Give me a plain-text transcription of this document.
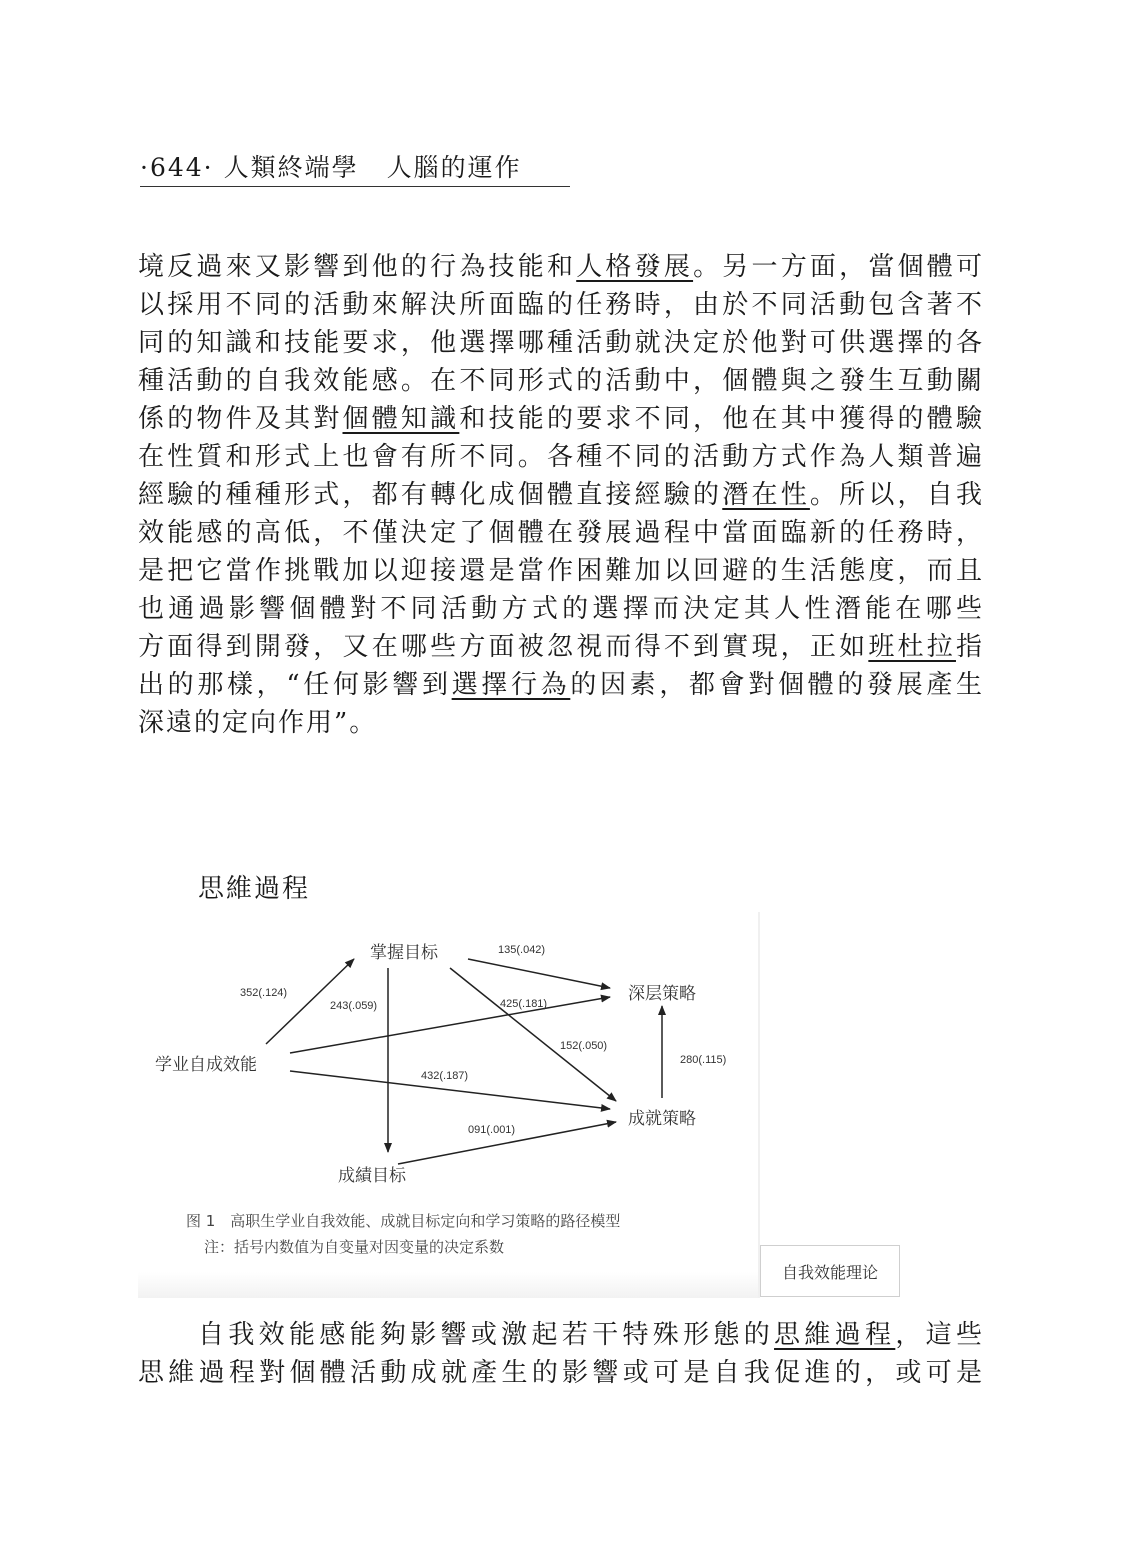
·644· 人類終端學 人腦的運作
境反過來又影響到他的行為技能和人格發展。另一方面，當個體可
以採用不同的活動來解決所面臨的任務時，由於不同活動包含著不
同的知識和技能要求，他選擇哪種活動就決定於他對可供選擇的各
種活動的自我效能感。在不同形式的活動中，個體與之發生互動關
係的物件及其對個體知識和技能的要求不同，他在其中獲得的體驗
在性質和形式上也會有所不同。各種不同的活動方式作為人類普遍
經驗的種種形式，都有轉化成個體直接經驗的潛在性。所以，自我
效能感的高低，不僅決定了個體在發展過程中當面臨新的任務時，
是把它當作挑戰加以迎接還是當作困難加以回避的生活態度，而且
也通過影響個體對不同活動方式的選擇而決定其人性潛能在哪些
方面得到開發，又在哪些方面被忽視而得不到實現，正如班杜拉指
出的那樣，“任何影響到選擇行為的因素，都會對個體的發展產生
深遠的定向作用”。
思維過程
学业自成效能
掌握目标
成績目标
深层策略
成就策略
352(.124)
243(.059)
135(.042)
425(.181)
152(.050)
280(.115)
432(.187)
091(.001)
图 1　高职生学业自我效能、成就目标定向和学习策略的路径模型
注：括号内数值为自变量对因变量的决定系数
自我效能理论
自我效能感能夠影響或激起若干特殊形態的思維過程，這些
思維過程對個體活動成就產生的影響或可是自我促進的，或可是
